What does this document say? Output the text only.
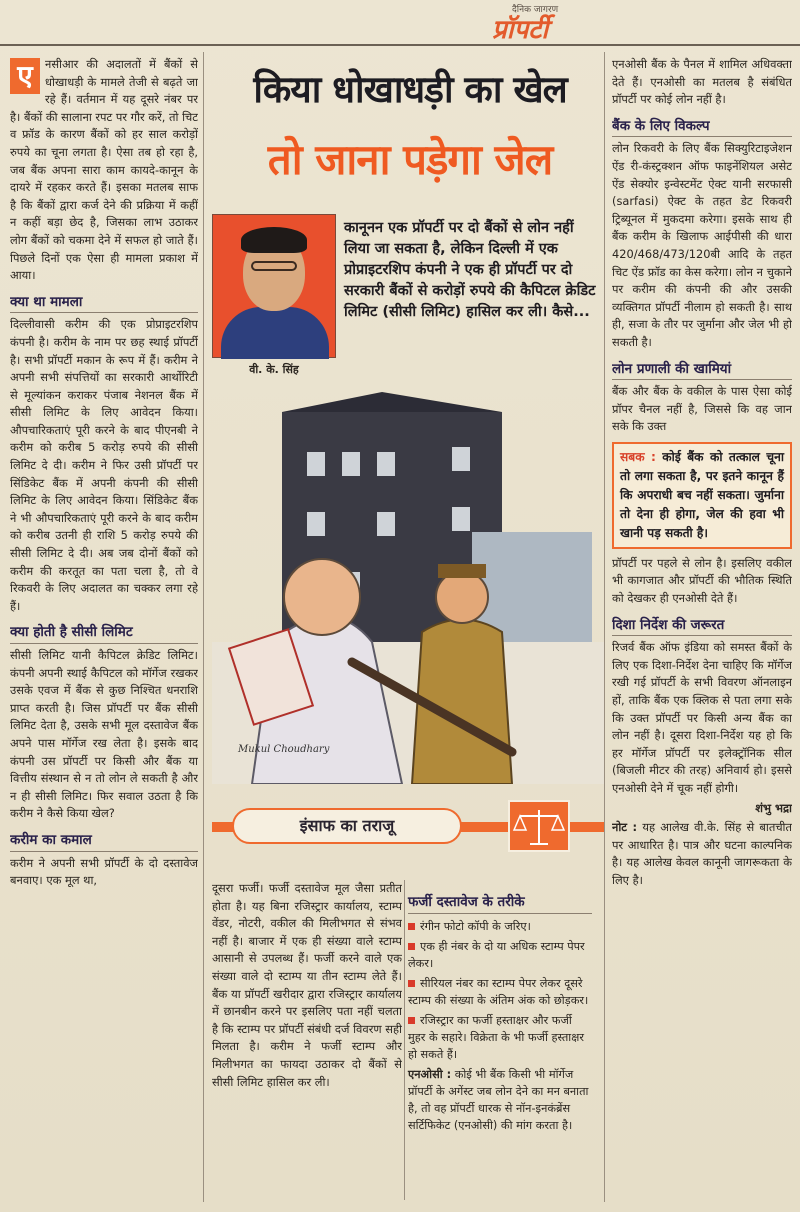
दैनिक जागरण
प्रॉपर्टी

ए	नसीआर की अदालतों में बैंकों से धोखाधड़ी के मामले तेजी से बढ़ते जा रहे हैं। वर्तमान में यह दूसरे नंबर पर है। बैंकों की सालाना रपट पर गौर करें, तो चिट व फ्रॉड के कारण बैंकों को हर साल करोड़ों रुपये का चूना लगता है। ऐसा तब हो रहा है, जब बैंक अपना सारा काम कायदे-कानून के दायरे में रहकर करते हैं। इसका मतलब साफ है कि बैंकों द्वारा कर्ज देने की प्रक्रिया में कहीं न कहीं बड़ा छेद है, जिसका लाभ उठाकर लोग बैंकों को चकमा देने में सफल हो जाते हैं। पिछले दिनों एक ऐसा ही मामला प्रकाश में आया।

क्या था मामला

दिल्लीवासी करीम की एक प्रोप्राइटरशिप कंपनी है। करीम के नाम पर छह स्थाई प्रॉपर्टी है। सभी प्रॉपर्टी मकान के रूप में हैं। करीम ने अपनी सभी संपत्तियों का सरकारी आर्थोरिटी से मूल्यांकन कराकर पंजाब नेशनल बैंक में सीसी लिमिट के लिए आवेदन किया। औपचारिकताएं पूरी करने के बाद पीएनबी ने करीम को करीब 5 करोड़ रुपये की सीसी लिमिट दे दी। करीम ने फिर उसी प्रॉपर्टी पर सिंडिकेट बैंक में अपनी कंपनी की सीसी लिमिट के लिए आवेदन किया। सिंडिकेट बैंक ने भी औपचारिकताएं पूरी करने के बाद करीम को करीब उतनी ही राशि 5 करोड़ रुपये की सीसी लिमिट दे दी। अब जब दोनों बैंकों को करीम की करतूत का पता चला है, तो वे रिकवरी के लिए अदालत का चक्कर लगा रहे हैं।

क्या होती है सीसी लिमिट

सीसी लिमिट यानी कैपिटल क्रेडिट लिमिट। कंपनी अपनी स्थाई कैपिटल को मॉर्गेज रखकर उसके एवज में बैंक से कुछ निश्चित धनराशि प्राप्त करती है। जिस प्रॉपर्टी पर बैंक सीसी लिमिट देता है, उसके सभी मूल दस्तावेज बैंक अपने पास मॉर्गेज रख लेता है। इसके बाद कंपनी उस प्रॉपर्टी पर किसी और बैंक या वित्तीय संस्थान से न तो लोन ले सकती है और न ही सीसी लिमिट। फिर सवाल उठता है कि करीम ने कैसे किया खेल?

करीम का कमाल

करीम ने अपनी सभी प्रॉपर्टी के दो दस्तावेज बनवाए। एक मूल था,

किया धोखाधड़ी का खेल
तो जाना पड़ेगा जेल
वी. के. सिंह
कानूनन एक प्रॉपर्टी पर दो बैंकों से लोन नहीं लिया जा सकता है, लेकिन दिल्ली में एक प्रोप्राइटरशिप कंपनी ने एक ही प्रॉपर्टी पर दो सरकारी बैंकों से करोड़ों रुपये की कैपिटल क्रेडिट लिमिट (सीसी लिमिट) हासिल कर ली। कैसे...
Mukul Choudhary
इंसाफ का तराजू

दूसरा फर्जी। फर्जी दस्तावेज मूल जैसा प्रतीत होता है। यह बिना रजिस्ट्रार कार्यालय, स्टाम्प वेंडर, नोटरी, वकील की मिलीभगत से संभव नहीं है। बाजार में एक ही संख्या वाले स्टाम्प आसानी से उपलब्ध हैं। फर्जी करने वाले एक संख्या वाले दो स्टाम्प या तीन स्टाम्प लेते हैं। बैंक या प्रॉपर्टी खरीदार द्वारा रजिस्ट्रार कार्यालय में छानबीन करने पर इसलिए पता नहीं चलता है कि स्टाम्प पर प्रॉपर्टी संबंधी दर्ज विवरण सही मिलता है। करीम ने फर्जी स्टाम्प और मिलीभगत का फायदा उठाकर दो बैंकों से सीसी लिमिट हासिल कर ली।

फर्जी दस्तावेज के तरीके
रंगीन फोटो कॉपी के जरिए।
एक ही नंबर के दो या अधिक स्टाम्प पेपर लेकर।
सीरियल नंबर का स्टाम्प पेपर लेकर दूसरे स्टाम्प की संख्या के अंतिम अंक को छोड़कर।
रजिस्ट्रार का फर्जी हस्ताक्षर और फर्जी मुहर के सहारे। विक्रेता के भी फर्जी हस्ताक्षर हो सकते हैं।
एनओसी : कोई भी बैंक किसी भी मॉर्गेज प्रॉपर्टी के अगेंस्ट जब लोन देने का मन बनाता है, तो वह प्रॉपर्टी धारक से नॉन-इनकंब्रेंस सर्टिफिकेट (एनओसी) की मांग करता है।

एनओसी बैंक के पैनल में शामिल अधिवक्ता देते हैं। एनओसी का मतलब है संबंधित प्रॉपर्टी पर कोई लोन नहीं है।

बैंक के लिए विकल्प

लोन रिकवरी के लिए बैंक सिक्युरिटाइजेशन ऐंड री-कंस्ट्रक्शन ऑफ फाइनेंशियल असेट ऐंड सेक्योर इन्वेस्टमेंट ऐक्ट यानी सरफासी (sarfasi) ऐक्ट के तहत डेट रिकवरी ट्रिब्यूनल में मुकदमा करेगा। इसके साथ ही बैंक करीम के खिलाफ आईपीसी की धारा 420/468/473/120बी आदि के तहत चिट ऐंड फ्रॉड का केस करेगा। लोन न चुकाने पर करीम की कंपनी की और उसकी व्यक्तिगत प्रॉपर्टी नीलाम हो सकती है। साथ ही, सजा के तौर पर जुर्माना और जेल भी हो सकती है।

लोन प्रणाली की खामियां

बैंक और बैंक के वकील के पास ऐसा कोई प्रॉपर चैनल नहीं है, जिससे कि वह जान सके कि उक्त

सबक : कोई बैंक को तत्काल चूना तो लगा सकता है, पर इतने कानून हैं कि अपराधी बच नहीं सकता। जुर्माना तो देना ही होगा, जेल की हवा भी खानी पड़ सकती है।

प्रॉपर्टी पर पहले से लोन है। इसलिए वकील भी कागजात और प्रॉपर्टी की भौतिक स्थिति को देखकर ही एनओसी देते हैं।

दिशा निर्देश की जरूरत

रिजर्व बैंक ऑफ इंडिया को समस्त बैंकों के लिए एक दिशा-निर्देश देना चाहिए कि मॉर्गेज रखी गई प्रॉपर्टी के सभी विवरण ऑनलाइन हों, ताकि बैंक एक क्लिक से पता लगा सके कि उक्त प्रॉपर्टी पर किसी अन्य बैंक का लोन नहीं है। दूसरा दिशा-निर्देश यह हो कि हर मॉर्गेज प्रॉपर्टी पर इलेक्ट्रॉनिक सील (बिजली मीटर की तरह) अनिवार्य हो। इससे एनओसी देने में चूक नहीं होगी।

शंभु भद्रा

नोट : यह आलेख वी.के. सिंह से बातचीत पर आधारित है। पात्र और घटना काल्पनिक है। यह आलेख केवल कानूनी जागरूकता के लिए है।
